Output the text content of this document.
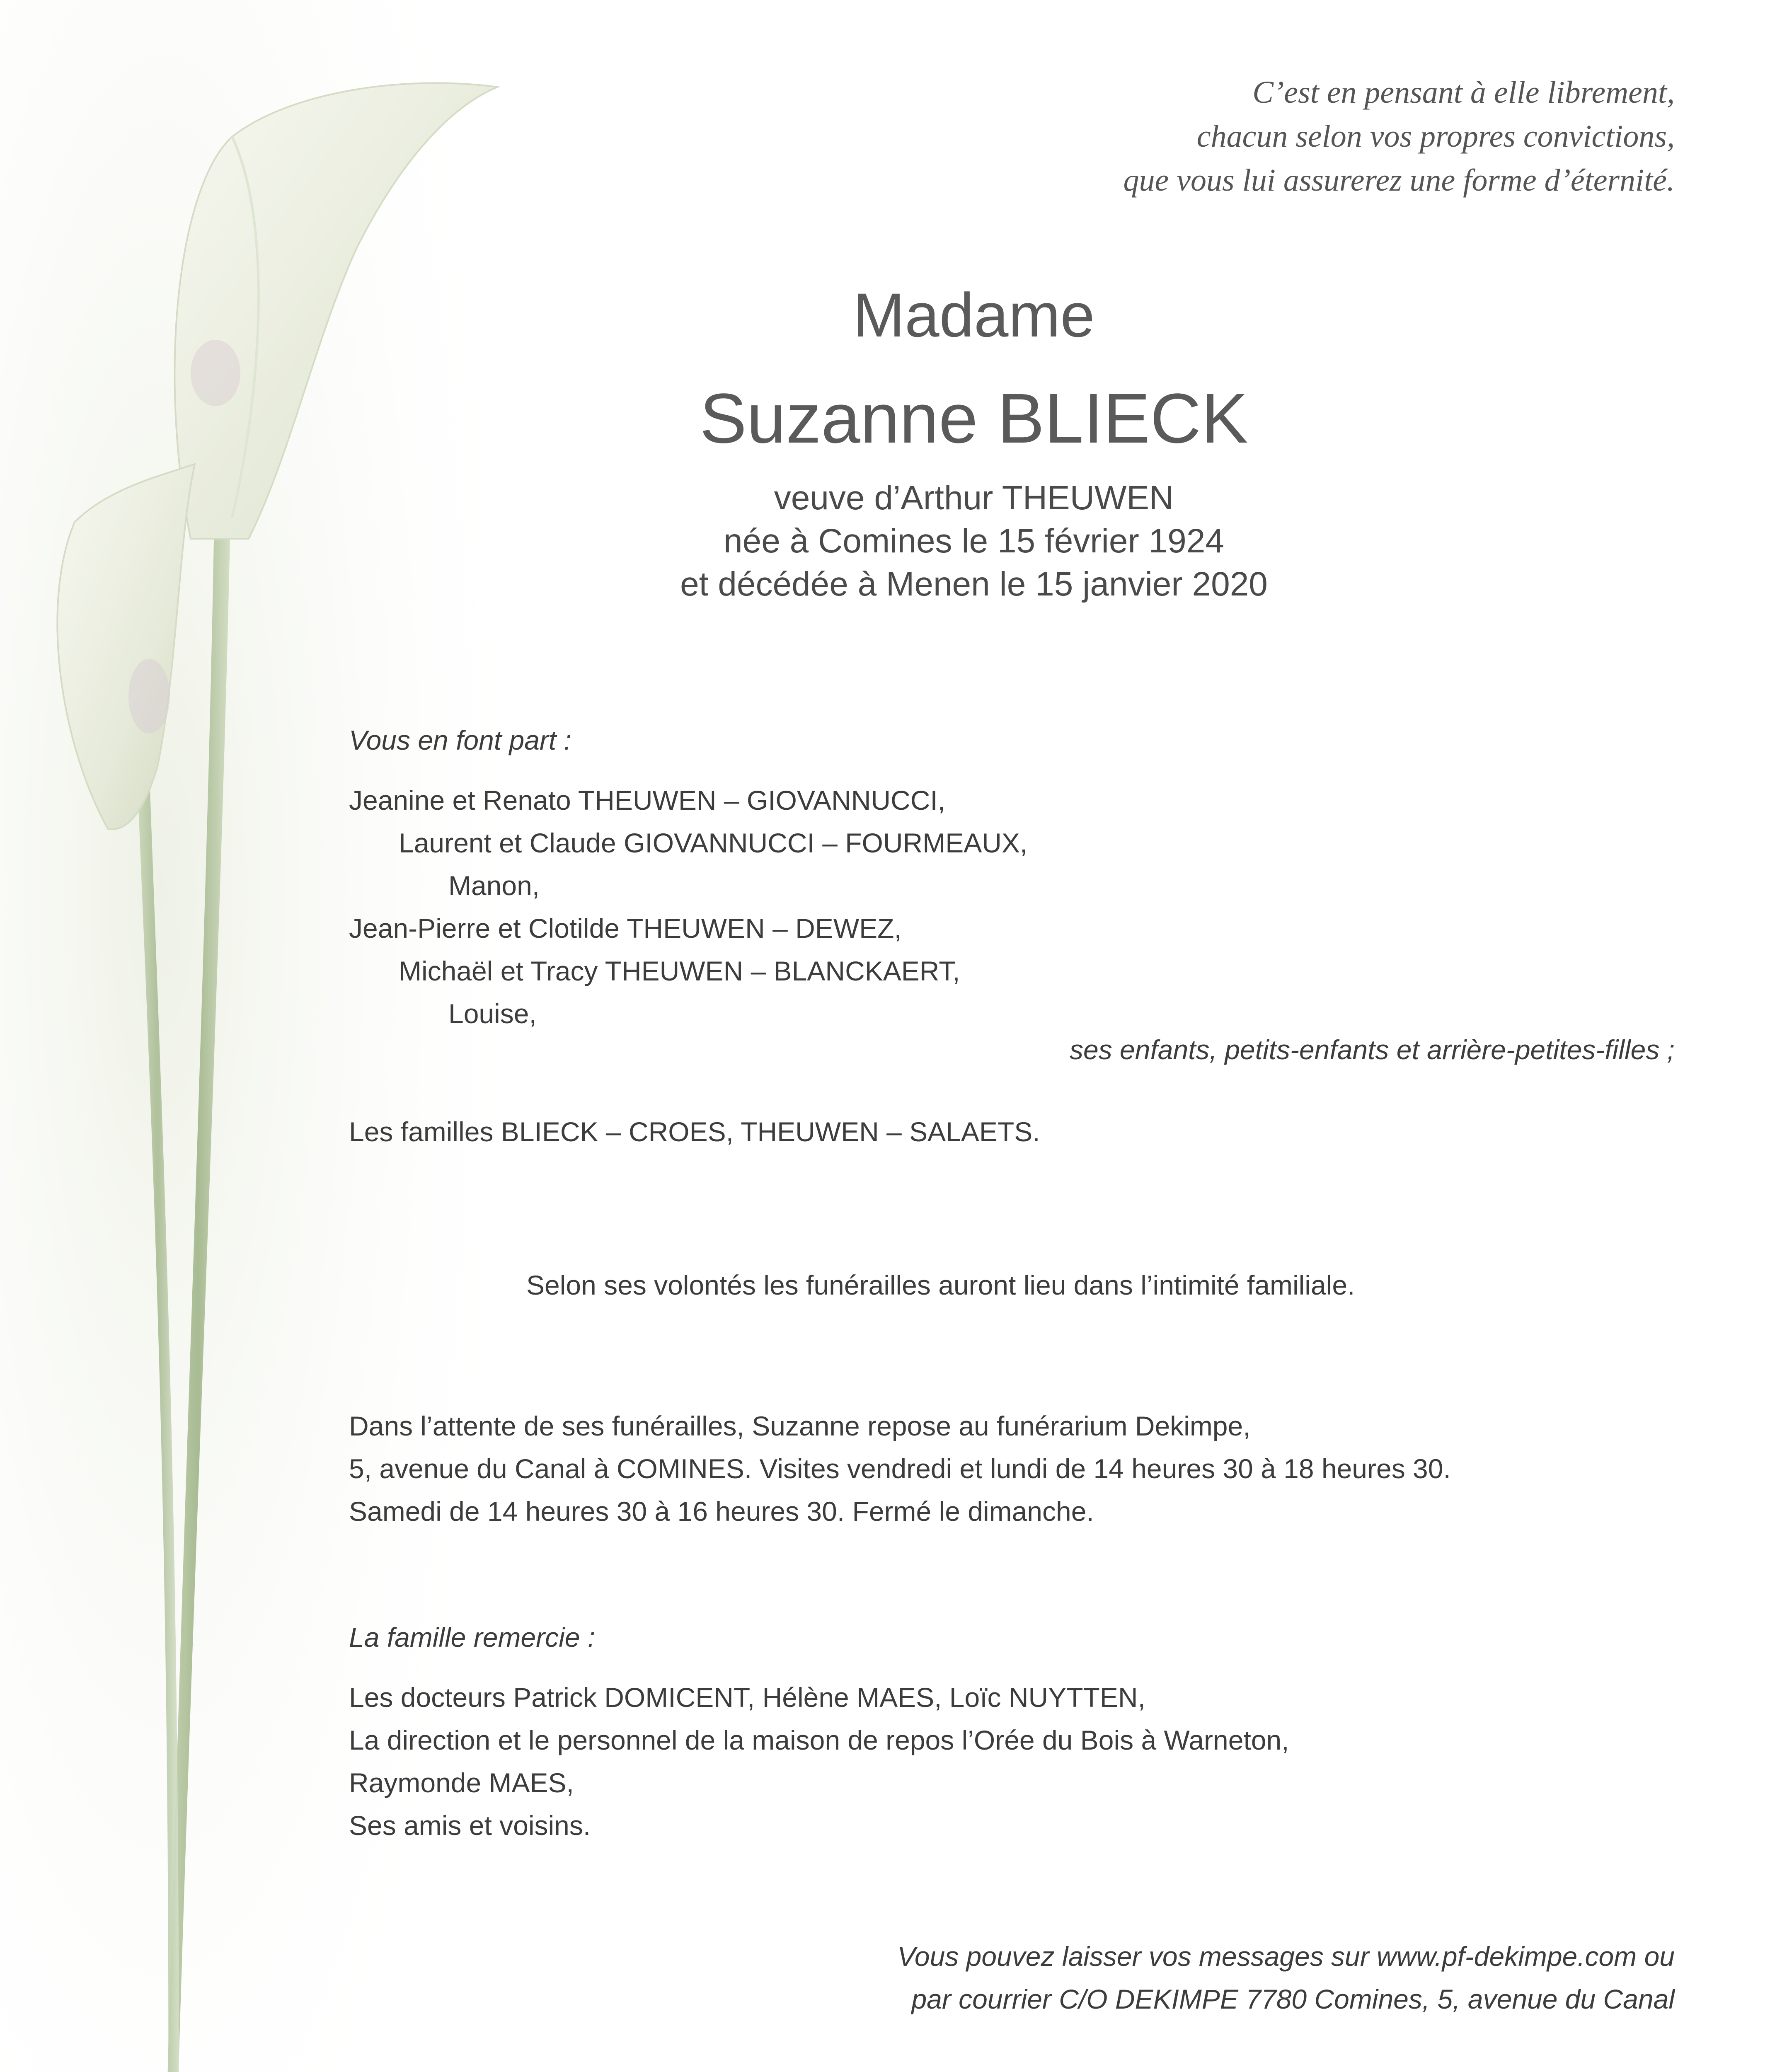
C’est en pensant à elle librement,
chacun selon vos propres convictions,
que vous lui assurerez une forme d’éternité.
Madame
Suzanne BLIECK
veuve d’Arthur THEUWEN
née à Comines le 15 février 1924
et décédée à Menen le 15 janvier 2020
Vous en font part :
Jeanine et Renato THEUWEN – GIOVANNUCCI,
Laurent et Claude GIOVANNUCCI – FOURMEAUX,
Manon,
Jean-Pierre et Clotilde THEUWEN – DEWEZ,
Michaël et Tracy THEUWEN – BLANCKAERT,
Louise,
ses enfants, petits-enfants et arrière-petites-filles ;
Les familles BLIECK – CROES, THEUWEN – SALAETS.
Selon ses volontés les funérailles auront lieu dans l’intimité familiale.
Dans l’attente de ses funérailles, Suzanne repose au funérarium Dekimpe,
5, avenue du Canal à COMINES. Visites vendredi et lundi de 14 heures 30 à 18 heures 30.
Samedi de 14 heures 30 à 16 heures 30. Fermé le dimanche.
La famille remercie :
Les docteurs Patrick DOMICENT, Hélène MAES, Loïc NUYTTEN,
La direction et le personnel de la maison de repos l’Orée du Bois à Warneton,
Raymonde MAES,
Ses amis et voisins.
Vous pouvez laisser vos messages sur www.pf-dekimpe.com ou
par courrier C/O DEKIMPE 7780 Comines, 5, avenue du Canal
